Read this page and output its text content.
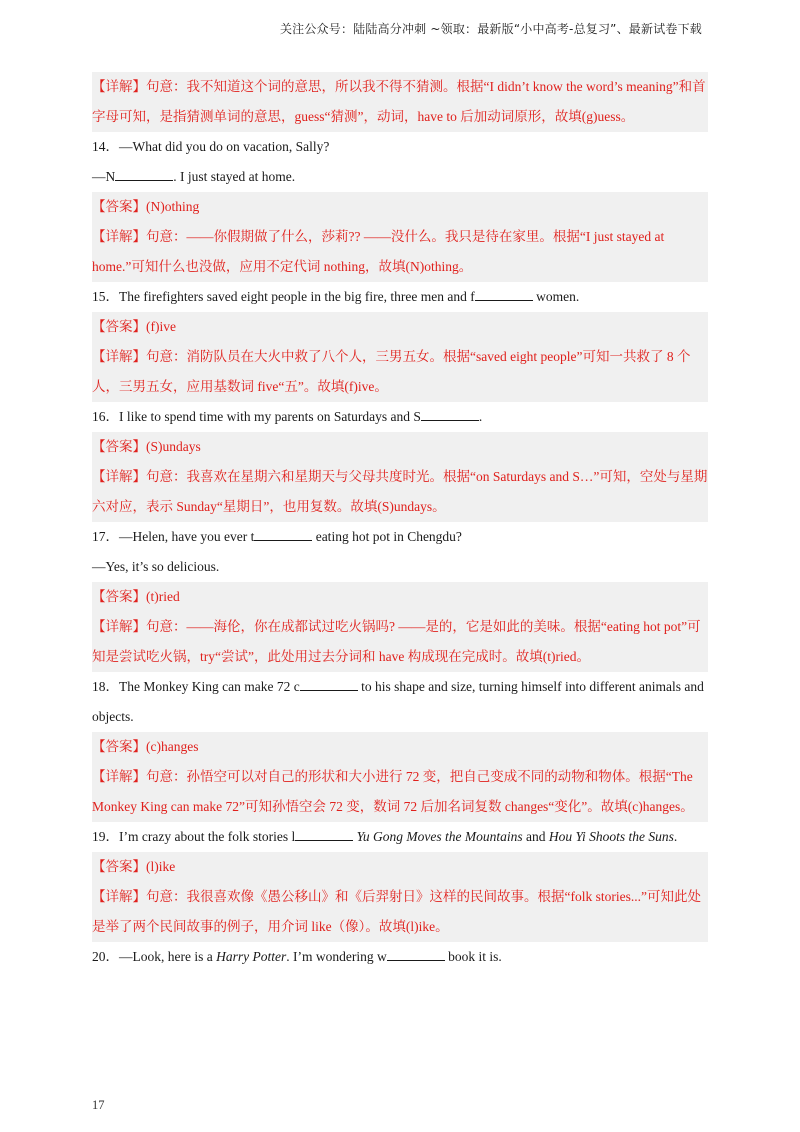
关注公众号：陆陆高分冲刺 ~领取：最新版“小中高考-总复习”、最新试卷下载
【详解】句意：我不知道这个词的意思，所以我不得不猜测。根据“I didn’t know the word’s meaning”和首字母可知，是指猜测单词的意思，guess“猜测”，动词，have to 后加动词原形，故填(g)uess。
14．—What did you do on vacation, Sally?
—N	. I just stayed at home.
【答案】(N)othing
【详解】句意：——你假期做了什么，莎莉?? ——没什么。我只是待在家里。根据“I just stayed at home.”可知什么也没做，应用不定代词 nothing，故填(N)othing。
15．The firefighters saved eight people in the big fire, three men and f	women.
【答案】(f)ive
【详解】句意：消防队员在大火中救了八个人，三男五女。根据“saved eight people”可知一共救了 8 个人，三男五女，应用基数词 five“五”。故填(f)ive。
16．I like to spend time with my parents on Saturdays and S	.
【答案】(S)undays
【详解】句意：我喜欢在星期六和星期天与父母共度时光。根据“on Saturdays and S…”可知，空处与星期六对应，表示 Sunday“星期日”，也用复数。故填(S)undays。
17．—Helen, have you ever t	eating hot pot in Chengdu?
—Yes, it’s so delicious.
【答案】(t)ried
【详解】句意：——海伦，你在成都试过吃火锅吗? ——是的，它是如此的美味。根据“eating hot pot”可知是尝试吃火锅，try“尝试”，此处用过去分词和 have 构成现在完成时。故填(t)ried。
18．The Monkey King can make 72 c	to his shape and size, turning himself into different animals and objects.
【答案】(c)hanges
【详解】句意：孙悟空可以对自己的形状和大小进行 72 变，把自己变成不同的动物和物体。根据“The Monkey King can make 72”可知孙悟空会 72 变，数词 72 后加名词复数 changes“变化”。故填(c)hanges。
19．I’m crazy about the folk stories l	Yu Gong Moves the Mountains and Hou Yi Shoots the Suns.
【答案】(l)ike
【详解】句意：我很喜欢像《愚公移山》和《后羿射日》这样的民间故事。根据“folk stories...”可知此处是举了两个民间故事的例子，用介词 like（像）。故填(l)ike。
20．—Look, here is a Harry Potter. I’m wondering w	book it is.
17
